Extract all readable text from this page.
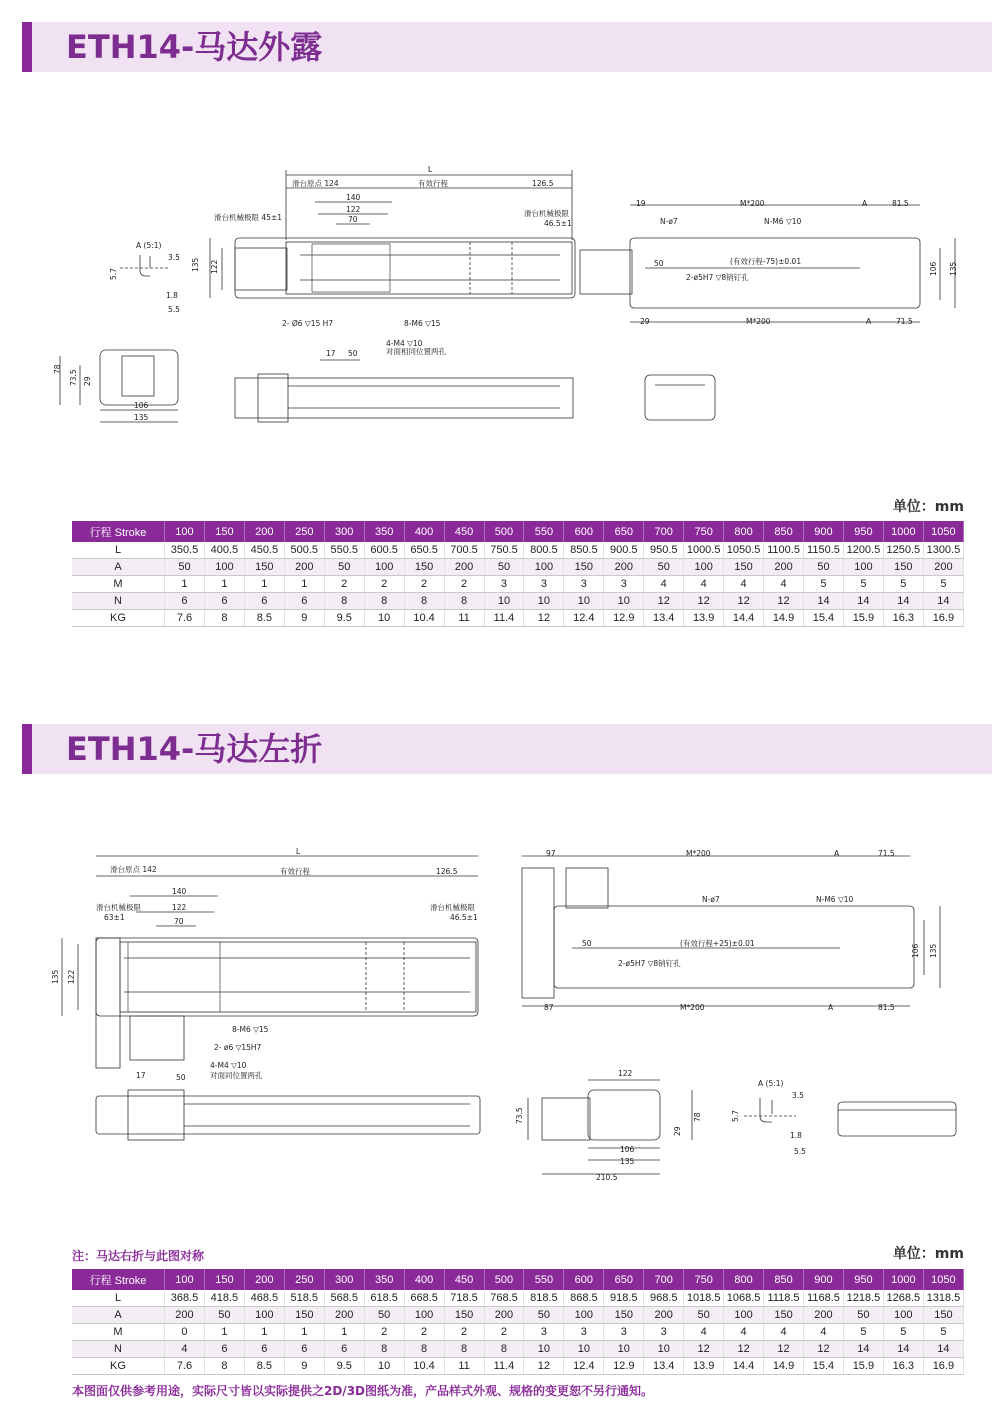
ETH14-马达外露
L
滑台原点 124	有效行程	126.5
140
122
70
滑台机械极限 45±1	滑台机械极限
46.5±1
135 122
2- Ø6 ▽15 H7	8-M6 ▽15
A (5:1)
3.5
5.7
1.8
5.5
19	M*200	A	81.5
N-ø7	N-M6 ▽10
50	(有效行程-75)±0.01
2-ø5H7 ▽8销钉孔
106 135
29	M*200	A	71.5
78
73.5 29
106
135
17 50
4-M4 ▽10
对面相同位置两孔
单位：mm
行程 Stroke	100	150	200	250	300	350	400	450	500	550	600	650	700	750	800	850	900	950	1000	1050
L	350.5	400.5	450.5	500.5	550.5	600.5	650.5	700.5	750.5	800.5	850.5	900.5	950.5	1000.5	1050.5	1100.5	1150.5	1200.5	1250.5	1300.5
A	50	100	150	200	50	100	150	200	50	100	150	200	50	100	150	200	50	100	150	200
M	1	1	1	1	2	2	2	2	3	3	3	3	4	4	4	4	5	5	5	5
N	6	6	6	6	8	8	8	8	10	10	10	10	12	12	12	12	14	14	14	14
KG	7.6	8	8.5	9	9.5	10	10.4	11	11.4	12	12.4	12.9	13.4	13.9	14.4	14.9	15.4	15.9	16.3	16.9
ETH14-马达左折
L
滑台原点 142	有效行程	126.5
140
122
70
滑台机械极限
63±1
滑台机械极限
46.5±1
135 122
8-M6 ▽15
2- ø6 ▽15H7
4-M4 ▽10
对面同位置两孔
17	50
97	M*200	A	71.5
N-ø7	N-M6 ▽10
50	(有效行程+25)±0.01
2-ø5H7 ▽8销钉孔
106 135
87	M*200	A	81.5
122
73.5
29
78
106
135
210.5
A (5:1)
3.5
5.7
1.8
5.5
注：马达右折与此图对称	单位：mm
行程 Stroke	100	150	200	250	300	350	400	450	500	550	600	650	700	750	800	850	900	950	1000	1050
L	368.5	418.5	468.5	518.5	568.5	618.5	668.5	718.5	768.5	818.5	868.5	918.5	968.5	1018.5	1068.5	1118.5	1168.5	1218.5	1268.5	1318.5
A	200	50	100	150	200	50	100	150	200	50	100	150	200	50	100	150	200	50	100	150
M	0	1	1	1	1	2	2	2	2	3	3	3	3	4	4	4	4	5	5	5
N	4	6	6	6	6	8	8	8	8	10	10	10	10	12	12	12	12	14	14	14
KG	7.6	8	8.5	9	9.5	10	10.4	11	11.4	12	12.4	12.9	13.4	13.9	14.4	14.9	15.4	15.9	16.3	16.9
本图面仅供参考用途，实际尺寸皆以实际提供之2D/3D图纸为准，产品样式外观、规格的变更恕不另行通知。
